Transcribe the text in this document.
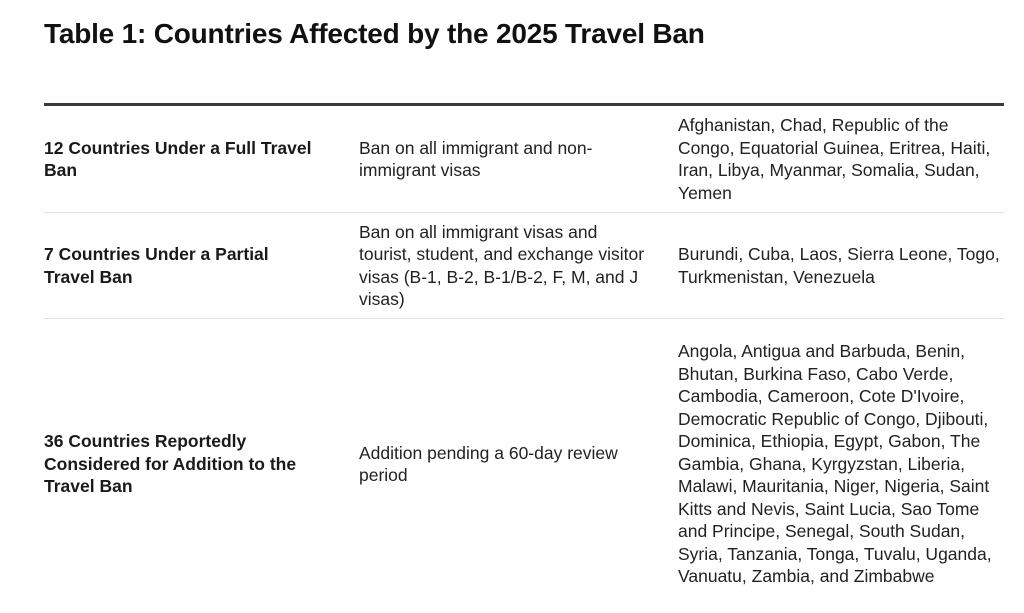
Table 1: Countries Affected by the 2025 Travel Ban
12 Countries Under a Full Travel Ban
Ban on all immigrant and non-immigrant visas
Afghanistan, Chad, Republic of the Congo, Equatorial Guinea, Eritrea, Haiti, Iran, Libya, Myanmar, Somalia, Sudan, Yemen
7 Countries Under a Partial Travel Ban
Ban on all immigrant visas and tourist, student, and exchange visitor visas (B-1, B-2, B-1/B-2, F, M, and J visas)
Burundi, Cuba, Laos, Sierra Leone, Togo, Turkmenistan, Venezuela
36 Countries Reportedly Considered for Addition to the Travel Ban
Addition pending a 60-day review period
Angola, Antigua and Barbuda, Benin, Bhutan, Burkina Faso, Cabo Verde, Cambodia, Cameroon, Cote D'Ivoire, Democratic Republic of Congo, Djibouti, Dominica, Ethiopia, Egypt, Gabon, The Gambia, Ghana, Kyrgyzstan, Liberia, Malawi, Mauritania, Niger, Nigeria, Saint Kitts and Nevis, Saint Lucia, Sao Tome and Principe, Senegal, South Sudan, Syria, Tanzania, Tonga, Tuvalu, Uganda, Vanuatu, Zambia, and Zimbabwe
